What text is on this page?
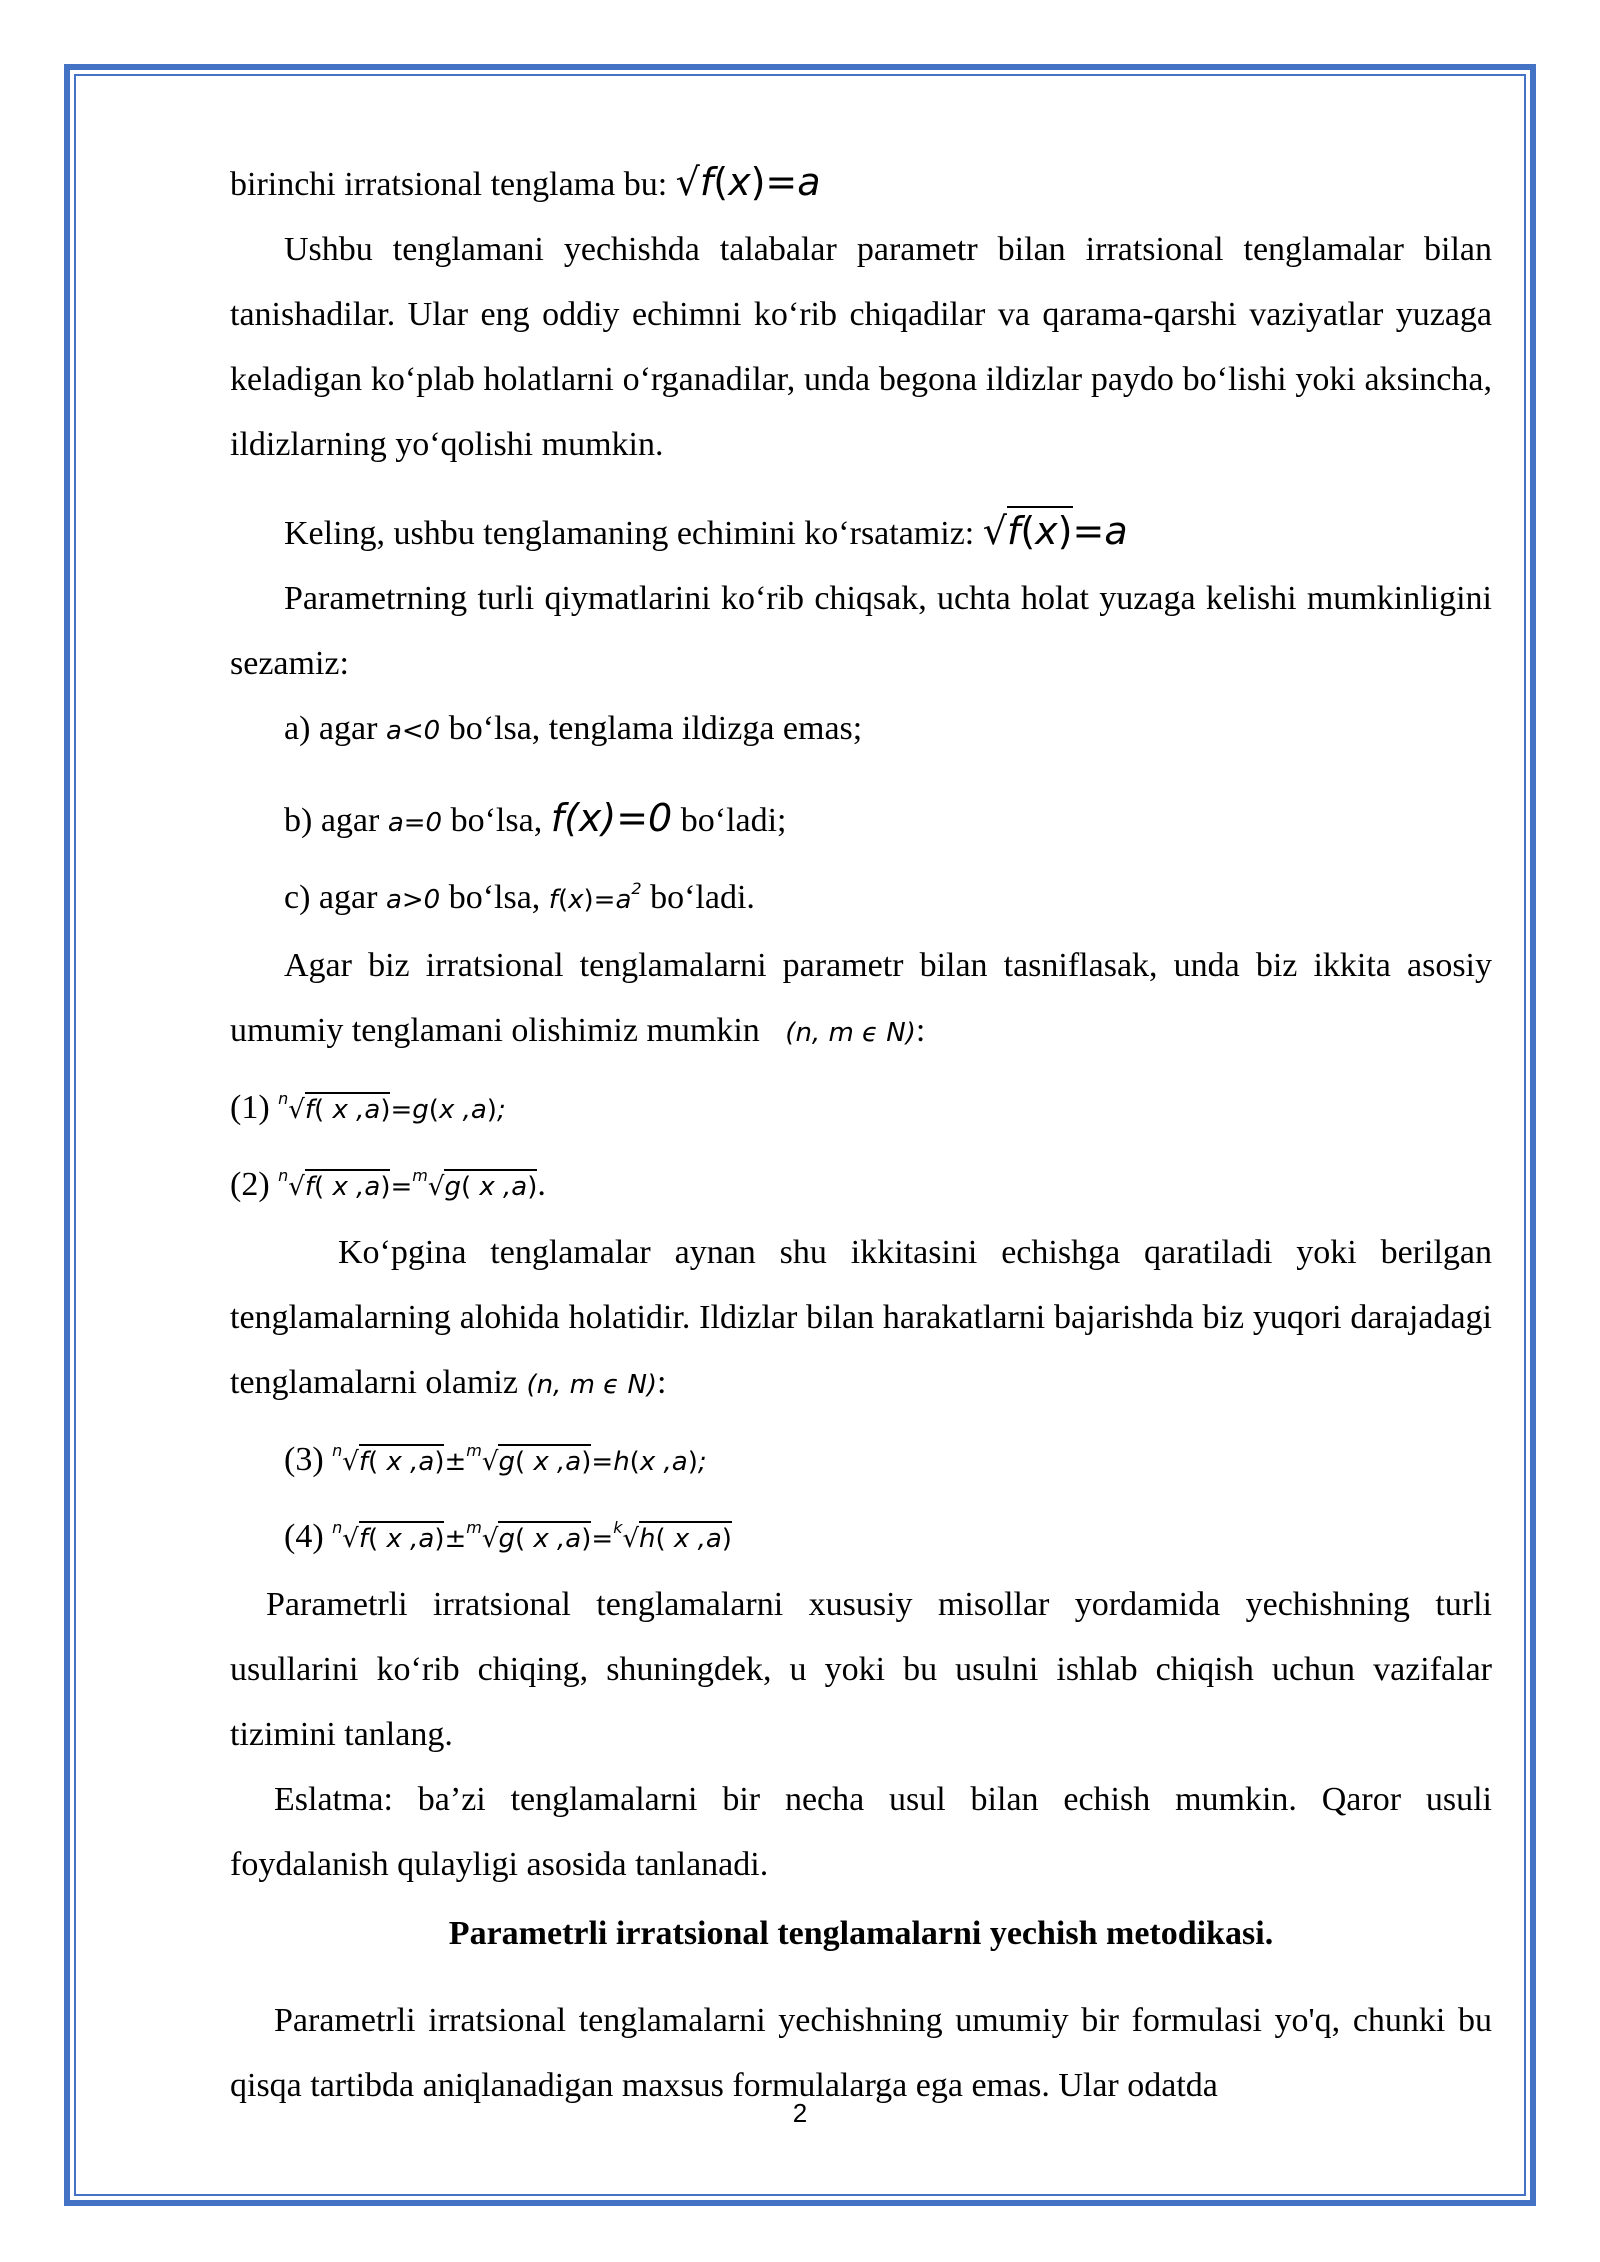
birinchi irratsional tenglama bu: √f(x)=a

Ushbu tenglamani yechishda talabalar parametr bilan irratsional tenglamalar bilan tanishadilar. Ular eng oddiy echimni ko‘rib chiqadilar va qarama-qarshi vaziyatlar yuzaga keladigan ko‘plab holatlarni o‘rganadilar, unda begona ildizlar paydo bo‘lishi yoki aksincha, ildizlarning yo‘qolishi mumkin.

Keling, ushbu tenglamaning echimini ko‘rsatamiz: √f(x)=a

Parametrning turli qiymatlarini ko‘rib chiqsak, uchta holat yuzaga kelishi mumkinligini sezamiz:

a) agar a<0 bo‘lsa, tenglama ildizga emas;

b) agar a=0 bo‘lsa, f(x)=0 bo‘ladi;

c) agar a>0 bo‘lsa, $f(x)=a^2$ bo‘ladi.

Agar biz irratsional tenglamalarni parametr bilan tasniflasak, unda biz ikkita asosiy umumiy tenglamani olishimiz mumkin (n, m ϵ N):

(1) $^n$√f( x ,a)=g(x ,a);

(2) $^n$√f( x ,a)=$^m$√g( x ,a).

Ko‘pgina tenglamalar aynan shu ikkitasini echishga qaratiladi yoki berilgan tenglamalarning alohida holatidir. Ildizlar bilan harakatlarni bajarishda biz yuqori darajadagi tenglamalarni olamiz (n, m ϵ N):

(3) $^n$√f( x ,a)±$^m$√g( x ,a)=h(x ,a);

(4) $^n$√f( x ,a)±$^m$√g( x ,a)=$^k$√h( x ,a)

Parametrli irratsional tenglamalarni xususiy misollar yordamida yechishning turli usullarini ko‘rib chiqing, shuningdek, u yoki bu usulni ishlab chiqish uchun vazifalar tizimini tanlang.

Eslatma: ba’zi tenglamalarni bir necha usul bilan echish mumkin. Qaror usuli foydalanish qulayligi asosida tanlanadi.

Parametrli irratsional tenglamalarni yechish metodikasi.

Parametrli irratsional tenglamalarni yechishning umumiy bir formulasi yo'q, chunki bu qisqa tartibda aniqlanadigan maxsus formulalarga ega emas. Ular odatda

2
